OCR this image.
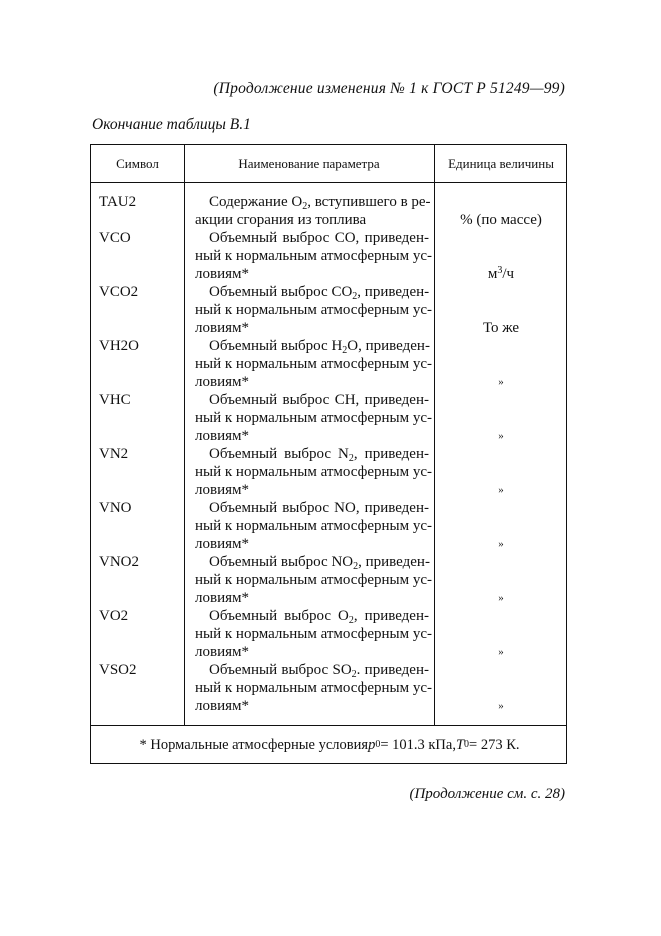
(Продолжение изменения № 1 к ГОСТ Р 51249—99)
Окончание таблицы В.1
Символ	Наименование параметра	Единица величины
TAU2	Содержание $O_2$, вступившего в ре-
акции сгорания из топлива	% (по массе)
VCO	Объемный выброс CO, приведен-
ный к нормальным атмосферным ус-
ловиям*	$м^3/ч$
VCO2	Объемный выброс $CO_2$, приведен-
ный к нормальным атмосферным ус-
ловиям*	То же
VH2O	Объемный выброс $H_2O$, приведен-
ный к нормальным атмосферным ус-
ловиям*	»
VHC	Объемный выброс CH, приведен-
ный к нормальным атмосферным ус-
ловиям*	»
VN2	Объемный выброс $N_2$, приведен-
ный к нормальным атмосферным ус-
ловиям*	»
VNO	Объемный выброс NO, приведен-
ный к нормальным атмосферным ус-
ловиям*	»
VNO2	Объемный выброс $NO_2$, приведен-
ный к нормальным атмосферным ус-
ловиям*	»
VO2	Объемный выброс $O_2$, приведен-
ный к нормальным атмосферным ус-
ловиям*	»
VSO2	Объемный выброс $SO_2$. приведен-
ный к нормальным атмосферным ус-
ловиям*	»
* Нормальные атмосферные условия p 0 = 101.3 кПа, T 0 = 273 К.
(Продолжение см. с. 28)
